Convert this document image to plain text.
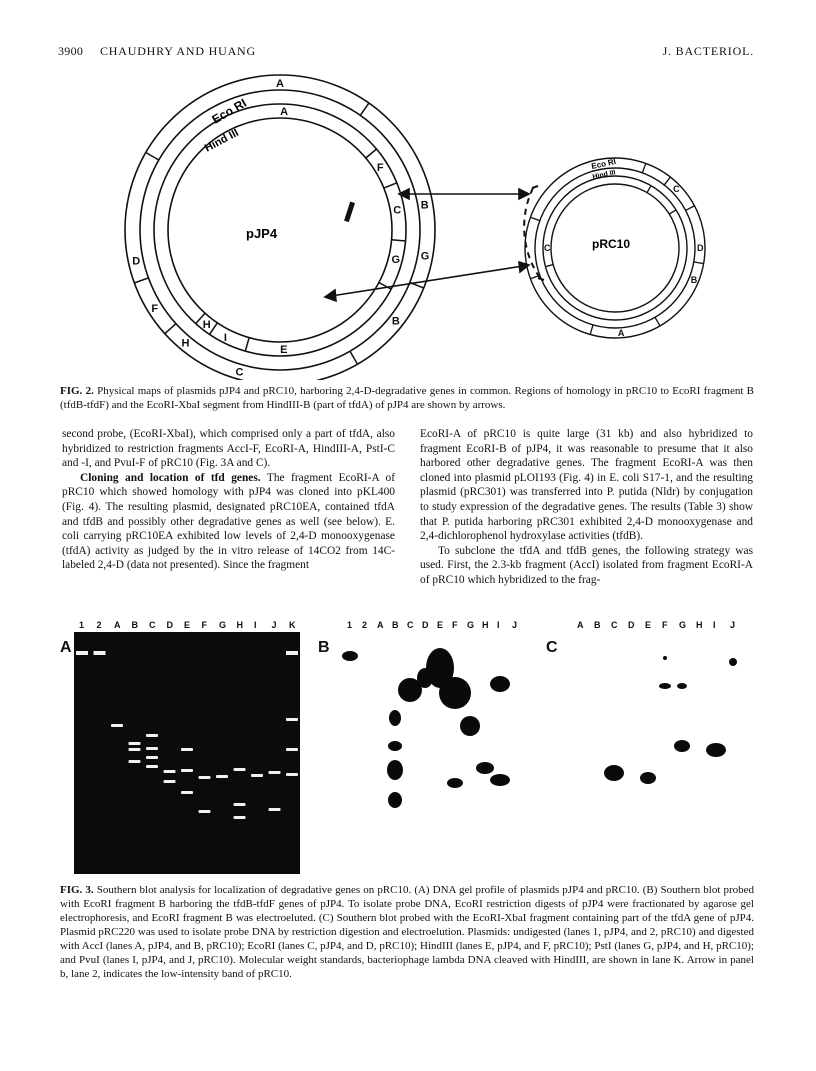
3900 CHAUDHRY AND HUANG	J. BACTERIOL.
A
B
G
B
D
F
H
C
A
F
C
G
E
I
H
pJP4
Eco RI
Hind III
C
D
B
A
C	pRC10
Eco RI
Hind III
FIG. 2. Physical maps of plasmids pJP4 and pRC10, harboring 2,4-D-degradative genes in common. Regions of homology in pRC10 to EcoRI fragment B (tfdB-tfdF) and the EcoRI-XbaI segment from HindIII-B (part of tfdA) of pJP4 are shown by arrows.

second probe, (EcoRI-XbaI), which comprised only a part of tfdA, also hybridized to restriction fragments AccI-F, EcoRI-A, HindIII-A, PstI-C and -I, and PvuI-F of pRC10 (Fig. 3A and C).

Cloning and location of tfd genes. The fragment EcoRI-A of pRC10 which showed homology with pJP4 was cloned into pKL400 (Fig. 4). The resulting plasmid, designated pRC10EA, contained tfdA and tfdB and possibly other degradative genes as well (see below). E. coli carrying pRC10EA exhibited low levels of 2,4-D monooxygenase (tfdA) activity as judged by the in vitro release of 14CO2 from 14C-labeled 2,4-D (data not presented). Since the fragment

EcoRI-A of pRC10 is quite large (31 kb) and also hybridized to fragment EcoRI-B of pJP4, it was reasonable to presume that it also harbored other degradative genes. The fragment EcoRI-A was then cloned into plasmid pLOI193 (Fig. 4) in E. coli S17-1, and the resulting plasmid (pRC301) was transferred into P. putida (Nldr) by conjugation to study expression of the degradative genes. The results (Table 3) show that P. putida harboring pRC301 exhibited 2,4-D monooxygenase and 2,4-dichlorophenol hydroxylase activities (tfdB).

To subclone the tfdA and tfdB genes, the following strategy was used. First, the 2.3-kb fragment (AccI) isolated from fragment EcoRI-A of pRC10 which hybridized to the frag-

A
1 2 A B C D E F G H I J K
B
1 2 A B C D E F G H I J
C
A B C D E F G H I J
FIG. 3. Southern blot analysis for localization of degradative genes on pRC10. (A) DNA gel profile of plasmids pJP4 and pRC10. (B) Southern blot probed with EcoRI fragment B harboring the tfdB-tfdF genes of pJP4. To isolate probe DNA, EcoRI restriction digests of pJP4 were fractionated by agarose gel electrophoresis, and EcoRI fragment B was electroeluted. (C) Southern blot probed with the EcoRI-XbaI fragment containing part of the tfdA gene of pJP4. Plasmid pRC220 was used to isolate probe DNA by restriction digestion and electroelution. Plasmids: undigested (lanes 1, pJP4, and 2, pRC10) and digested with AccI (lanes A, pJP4, and B, pRC10); EcoRI (lanes C, pJP4, and D, pRC10); HindIII (lanes E, pJP4, and F, pRC10); PstI (lanes G, pJP4, and H, pRC10); and PvuI (lanes I, pJP4, and J, pRC10). Molecular weight standards, bacteriophage lambda DNA cleaved with HindIII, are shown in lane K. Arrow in panel b, lane 2, indicates the low-intensity band of pRC10.
